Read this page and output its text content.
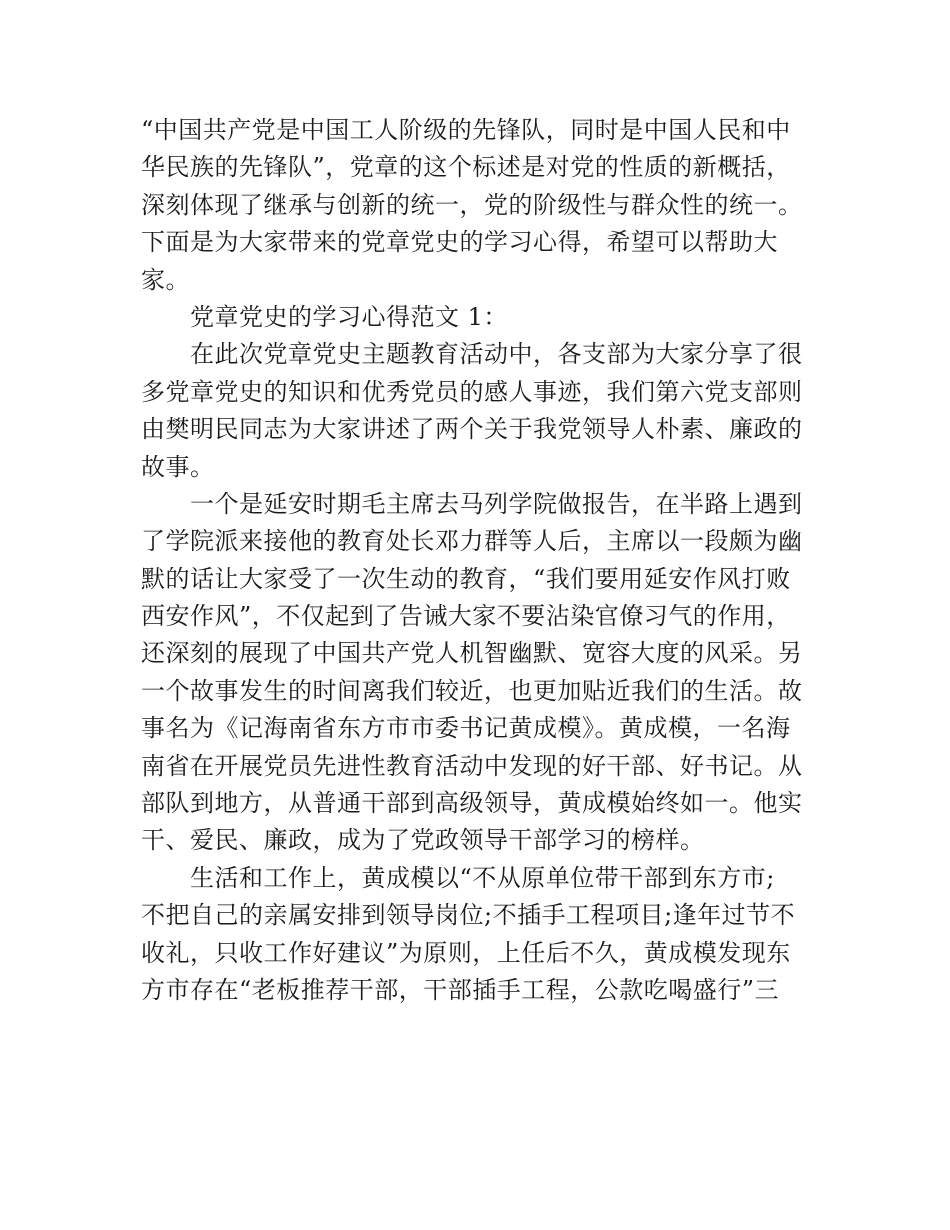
“中国共产党是中国工人阶级的先锋队，同时是中国人民和中
华民族的先锋队”，党章的这个标述是对党的性质的新概括，
深刻体现了继承与创新的统一，党的阶级性与群众性的统一。
下面是为大家带来的党章党史的学习心得，希望可以帮助大
家。
党章党史的学习心得范文 1：
在此次党章党史主题教育活动中，各支部为大家分享了很
多党章党史的知识和优秀党员的感人事迹，我们第六党支部则
由樊明民同志为大家讲述了两个关于我党领导人朴素、廉政的
故事。
一个是延安时期毛主席去马列学院做报告，在半路上遇到
了学院派来接他的教育处长邓力群等人后，主席以一段颇为幽
默的话让大家受了一次生动的教育，“我们要用延安作风打败
西安作风”，不仅起到了告诫大家不要沾染官僚习气的作用，
还深刻的展现了中国共产党人机智幽默、宽容大度的风采。另
一个故事发生的时间离我们较近，也更加贴近我们的生活。故
事名为《记海南省东方市市委书记黄成模》。黄成模，一名海
南省在开展党员先进性教育活动中发现的好干部、好书记。从
部队到地方，从普通干部到高级领导，黄成模始终如一。他实
干、爱民、廉政，成为了党政领导干部学习的榜样。
生活和工作上，黄成模以“不从原单位带干部到东方市;
不把自己的亲属安排到领导岗位;不插手工程项目;逢年过节不
收礼，只收工作好建议”为原则，上任后不久，黄成模发现东
方市存在“老板推荐干部，干部插手工程，公款吃喝盛行”三
